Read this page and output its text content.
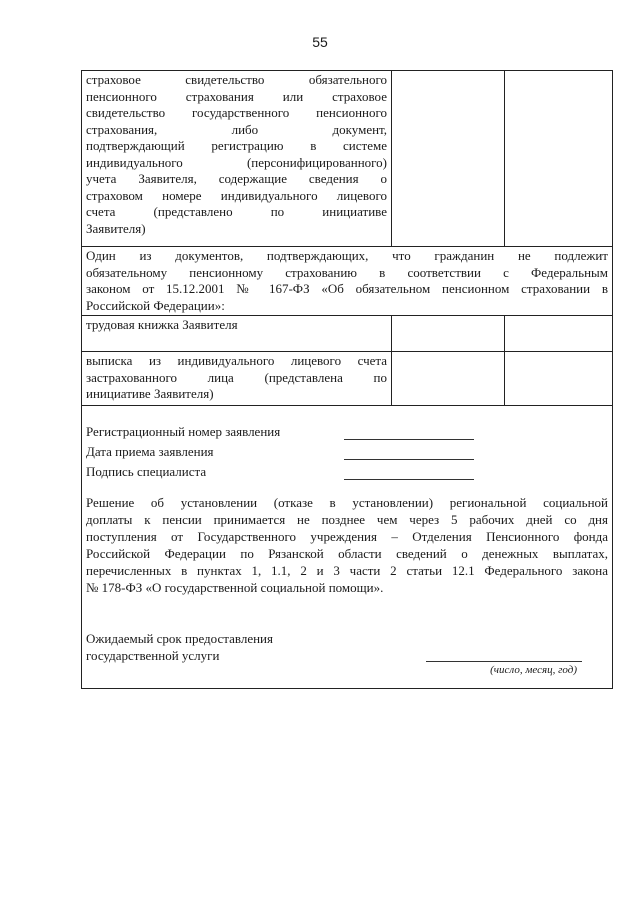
55

страховое свидетельство обязательного
пенсионного страхования или страховое
свидетельство государственного пенсионного
страхования, либо документ,
подтверждающий регистрацию в системе
индивидуального (персонифицированного)
учета Заявителя, содержащие сведения о
страховом номере индивидуального лицевого
счета (представлено по инициативе
Заявителя)

Один из документов, подтверждающих, что гражданин не подлежит
обязательному пенсионному страхованию в соответствии с Федеральным
законом от 15.12.2001 № 167-ФЗ «Об обязательном пенсионном страховании в
Российской Федерации»:

трудовая книжка Заявителя

выписка из индивидуального лицевого счета
застрахованного лица (представлена по
инициативе Заявителя)

Регистрационный номер заявления
Дата приема заявления
Подпись специалиста

Решение об установлении (отказе в установлении) региональной социальной
доплаты к пенсии принимается не позднее чем через 5 рабочих дней со дня
поступления от Государственного учреждения – Отделения Пенсионного фонда
Российской Федерации по Рязанской области сведений о денежных выплатах,
перечисленных в пунктах 1, 1.1, 2 и 3 части 2 статьи 12.1 Федерального закона
№ 178-ФЗ «О государственной социальной помощи».

Ожидаемый срок предоставления
государственной услуги
(число, месяц, год)
